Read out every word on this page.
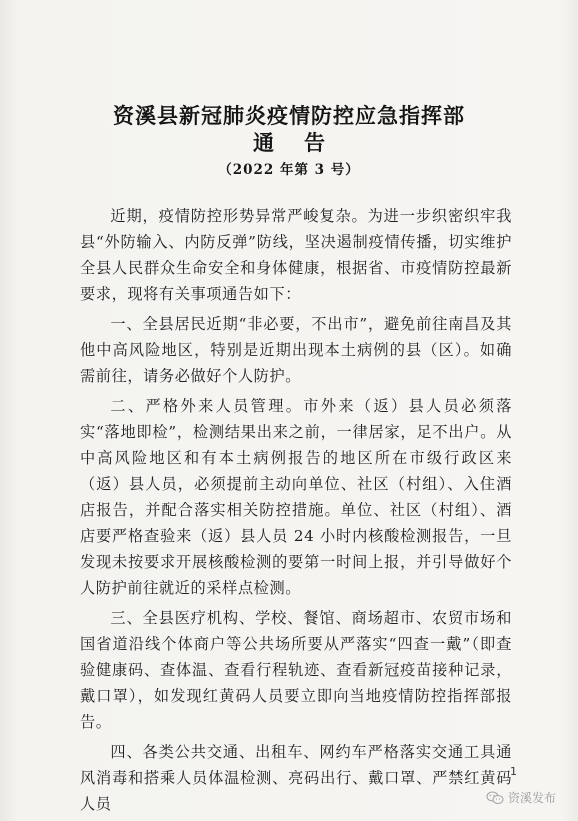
资溪县新冠肺炎疫情防控应急指挥部
通告
（2022 年第 3 号）

近期，疫情防控形势异常严峻复杂。为进一步织密织牢我县“外防输入、内防反弹”防线，坚决遏制疫情传播，切实维护全县人民群众生命安全和身体健康，根据省、市疫情防控最新要求，现将有关事项通告如下：

一、全县居民近期“非必要，不出市”，避免前往南昌及其他中高风险地区，特别是近期出现本土病例的县（区）。如确需前往，请务必做好个人防护。

二、严格外来人员管理。市外来（返）县人员必须落实“落地即检”，检测结果出来之前，一律居家，足不出户。从中高风险地区和有本土病例报告的地区所在市级行政区来（返）县人员，必须提前主动向单位、社区（村组）、入住酒店报告，并配合落实相关防控措施。单位、社区（村组）、酒店要严格查验来（返）县人员 24 小时内核酸检测报告，一旦发现未按要求开展核酸检测的要第一时间上报，并引导做好个人防护前往就近的采样点检测。

三、全县医疗机构、学校、餐馆、商场超市、农贸市场和国省道沿线个体商户等公共场所要从严落实“四查一戴”（即查验健康码、查体温、查看行程轨迹、查看新冠疫苗接种记录，戴口罩），如发现红黄码人员要立即向当地疫情防控指挥部报告。

四、各类公共交通、出租车、网约车严格落实交通工具通风消毒和搭乘人员体温检测、亮码出行、戴口罩、严禁红黄码人员

1
资溪发布
